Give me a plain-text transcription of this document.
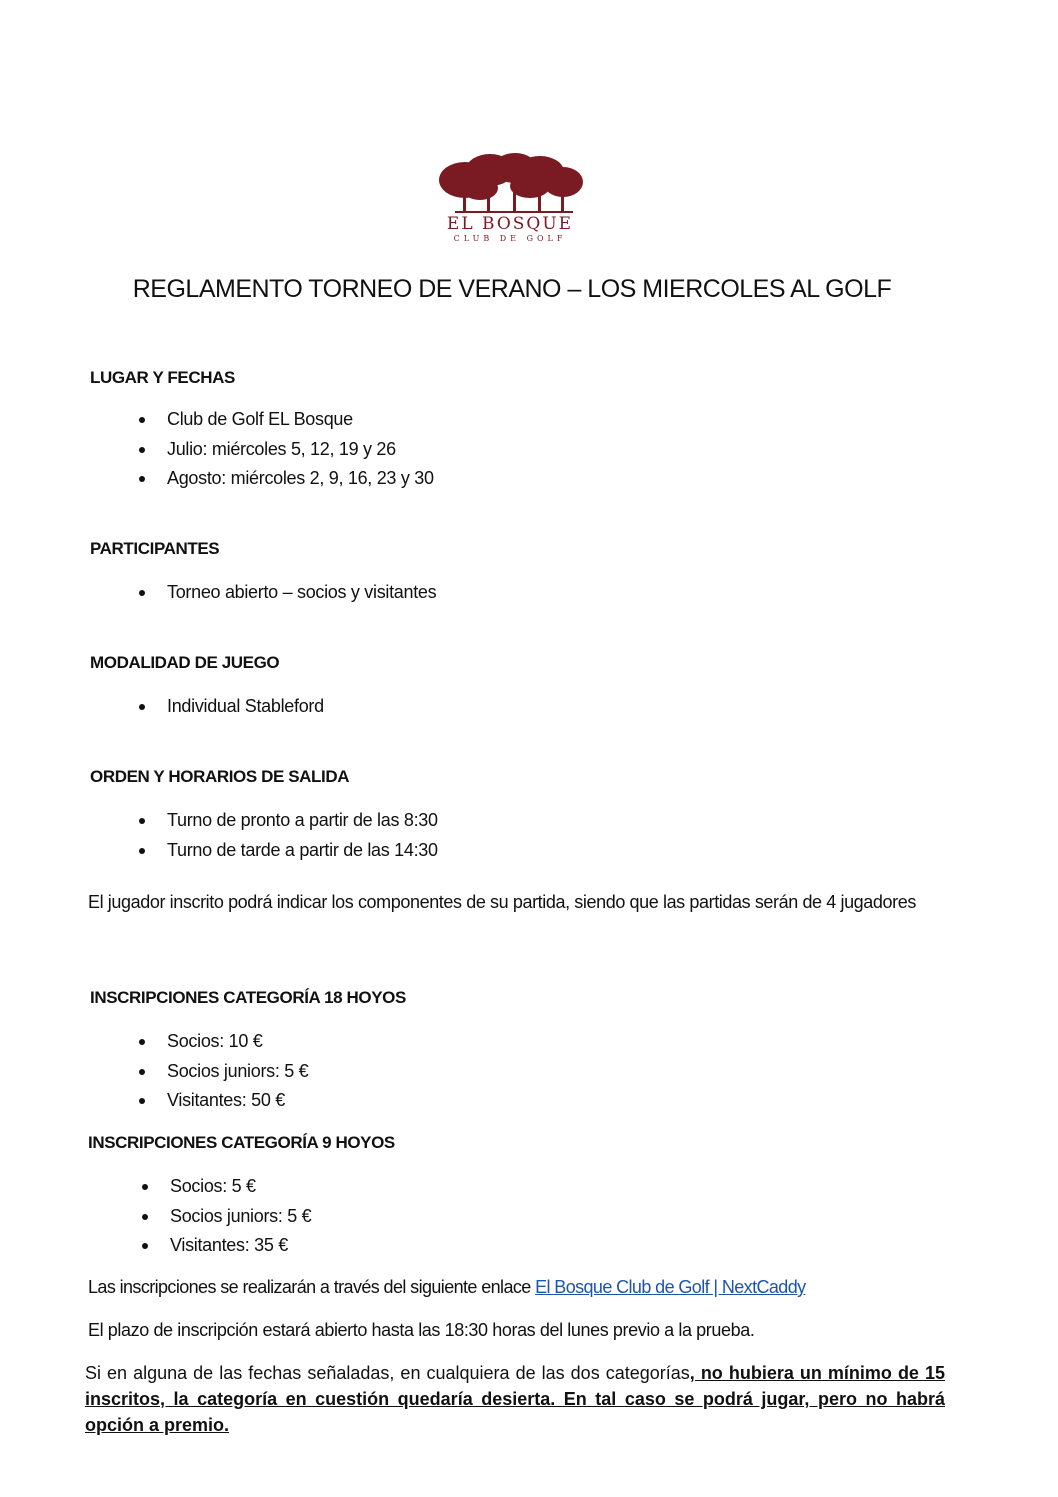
EL BOSQUE
CLUB DE GOLF
REGLAMENTO TORNEO DE VERANO – LOS MIERCOLES AL GOLF
LUGAR Y FECHAS
Club de Golf EL Bosque
Julio: miércoles 5, 12, 19 y 26
Agosto: miércoles 2, 9, 16, 23 y 30
PARTICIPANTES
Torneo abierto – socios y visitantes
MODALIDAD DE JUEGO
Individual Stableford
ORDEN Y HORARIOS DE SALIDA
Turno de pronto a partir de las 8:30
Turno de tarde a partir de las 14:30
El jugador inscrito podrá indicar los componentes de su partida, siendo que las partidas serán de 4 jugadores
INSCRIPCIONES CATEGORÍA 18 HOYOS
Socios: 10 €
Socios juniors: 5 €
Visitantes: 50 €
INSCRIPCIONES CATEGORÍA 9 HOYOS
Socios: 5 €
Socios juniors: 5 €
Visitantes: 35 €
Las inscripciones se realizarán a través del siguiente enlace El Bosque Club de Golf | NextCaddy
El plazo de inscripción estará abierto hasta las 18:30 horas del lunes previo a la prueba.
Si en alguna de las fechas señaladas, en cualquiera de las dos categorías, no hubiera un mínimo de 15 inscritos, la categoría en cuestión quedaría desierta. En tal caso se podrá jugar, pero no habrá opción a premio.
